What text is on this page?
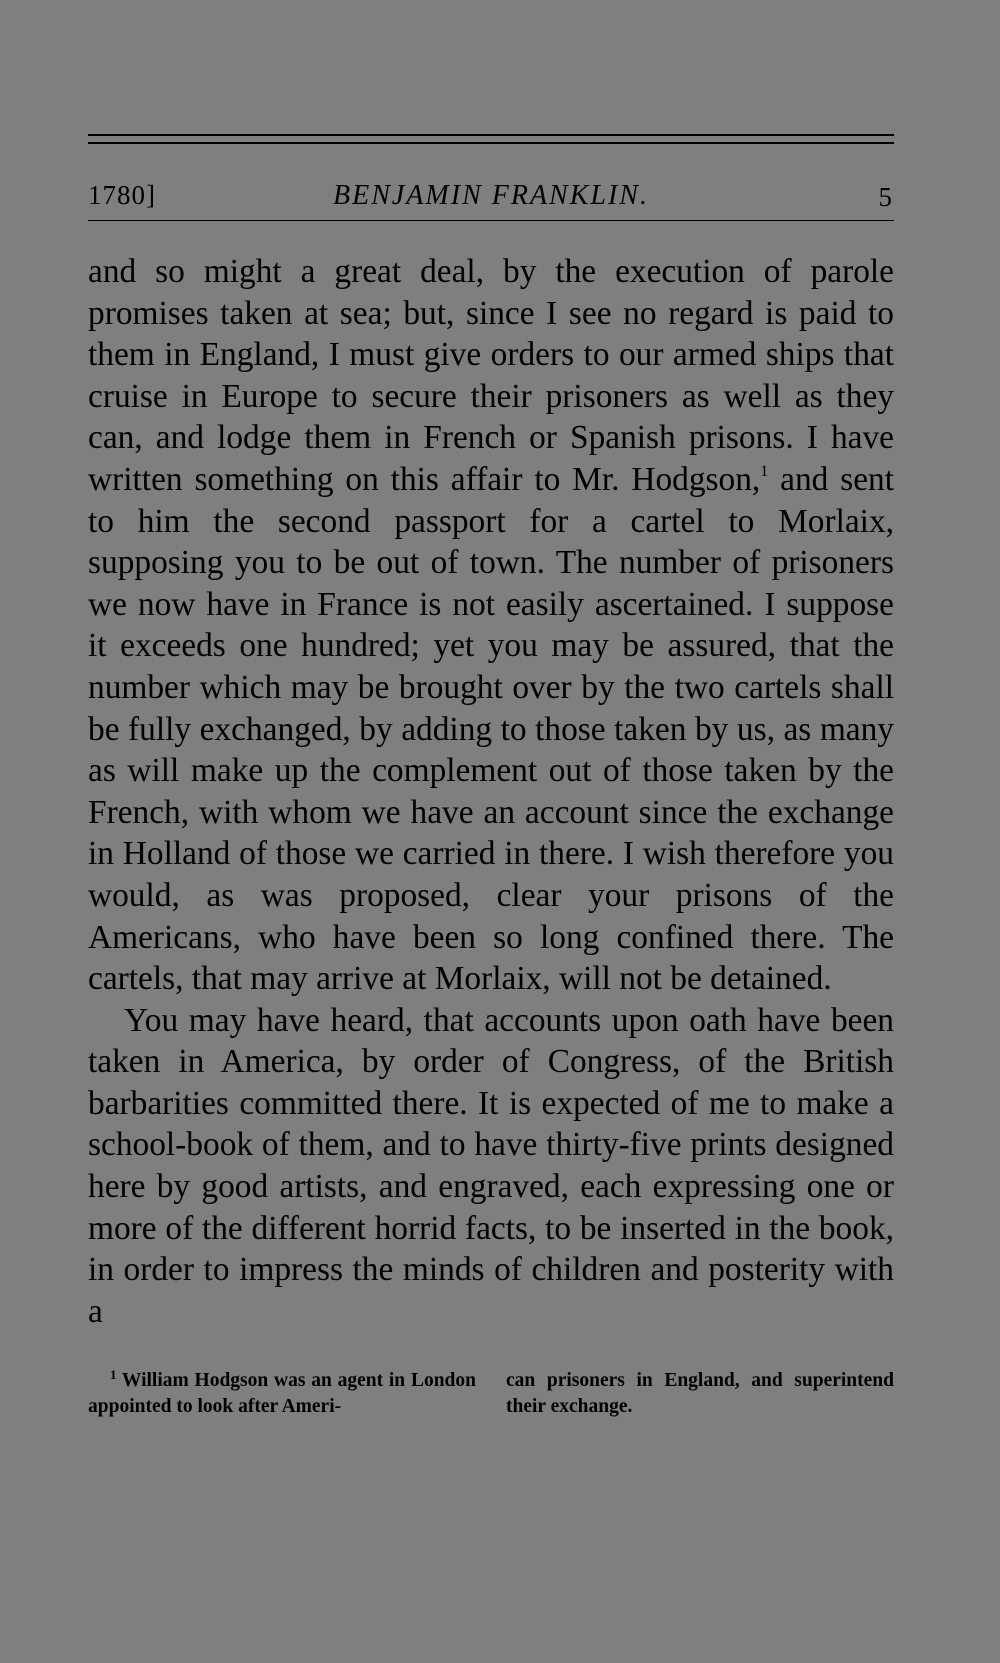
1780]	BENJAMIN FRANKLIN.	5

and so might a great deal, by the execution of parole promises taken at sea; but, since I see no regard is paid to them in England, I must give orders to our armed ships that cruise in Europe to secure their prisoners as well as they can, and lodge them in French or Spanish prisons. I have written something on this affair to Mr. Hodgson,$^1$ and sent to him the second passport for a cartel to Morlaix, supposing you to be out of town. The number of prisoners we now have in France is not easily ascertained. I suppose it exceeds one hundred; yet you may be assured, that the number which may be brought over by the two cartels shall be fully exchanged, by adding to those taken by us, as many as will make up the complement out of those taken by the French, with whom we have an account since the exchange in Holland of those we carried in there. I wish therefore you would, as was proposed, clear your prisons of the Americans, who have been so long confined there. The cartels, that may arrive at Morlaix, will not be detained.

You may have heard, that accounts upon oath have been taken in America, by order of Congress, of the British barbarities committed there. It is expected of me to make a school-book of them, and to have thirty-five prints designed here by good artists, and engraved, each expressing one or more of the different horrid facts, to be inserted in the book, in order to impress the minds of children and posterity with a

$^1$ William Hodgson was an agent in London appointed to look after Ameri-
can prisoners in England, and superintend their exchange.
